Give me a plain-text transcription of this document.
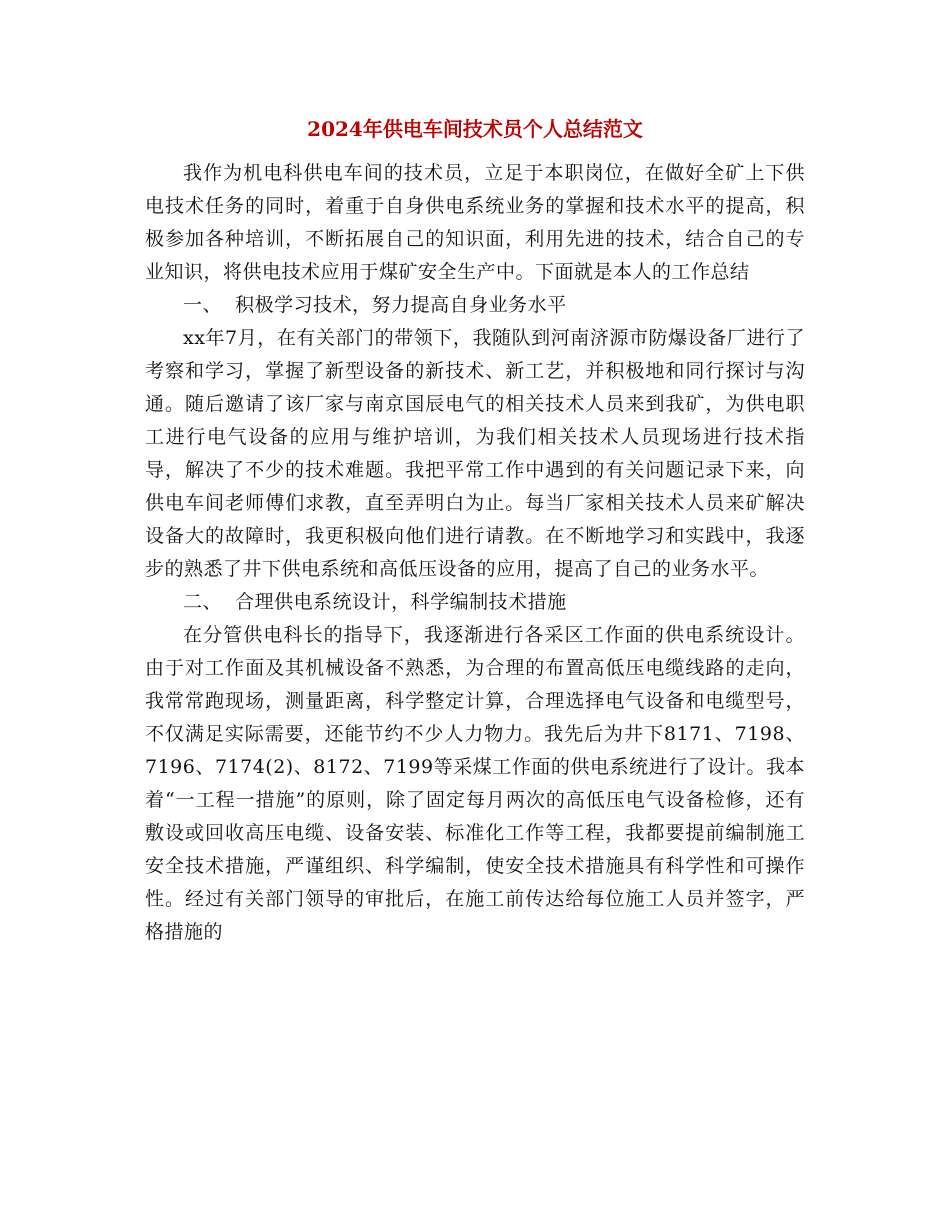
2024年供电车间技术员个人总结范文

我作为机电科供电车间的技术员，立足于本职岗位，在做好全矿上下供电技术任务的同时，着重于自身供电系统业务的掌握和技术水平的提高，积极参加各种培训，不断拓展自己的知识面，利用先进的技术，结合自己的专业知识，将供电技术应用于煤矿安全生产中。下面就是本人的工作总结

一、  积极学习技术，努力提高自身业务水平

xx年7月，在有关部门的带领下，我随队到河南济源市防爆设备厂进行了考察和学习，掌握了新型设备的新技术、新工艺，并积极地和同行探讨与沟通。随后邀请了该厂家与南京国辰电气的相关技术人员来到我矿，为供电职工进行电气设备的应用与维护培训，为我们相关技术人员现场进行技术指导，解决了不少的技术难题。我把平常工作中遇到的有关问题记录下来，向供电车间老师傅们求教，直至弄明白为止。每当厂家相关技术人员来矿解决设备大的故障时，我更积极向他们进行请教。在不断地学习和实践中，我逐步的熟悉了井下供电系统和高低压设备的应用，提高了自己的业务水平。

二、  合理供电系统设计，科学编制技术措施

在分管供电科长的指导下，我逐渐进行各采区工作面的供电系统设计。由于对工作面及其机械设备不熟悉，为合理的布置高低压电缆线路的走向，我常常跑现场，测量距离，科学整定计算，合理选择电气设备和电缆型号，不仅满足实际需要，还能节约不少人力物力。我先后为井下8171、7198、7196、7174(2)、8172、7199等采煤工作面的供电系统进行了设计。我本着“一工程一措施”的原则，除了固定每月两次的高低压电气设备检修，还有敷设或回收高压电缆、设备安装、标准化工作等工程，我都要提前编制施工安全技术措施，严谨组织、科学编制，使安全技术措施具有科学性和可操作性。经过有关部门领导的审批后，在施工前传达给每位施工人员并签字，严格措施的
